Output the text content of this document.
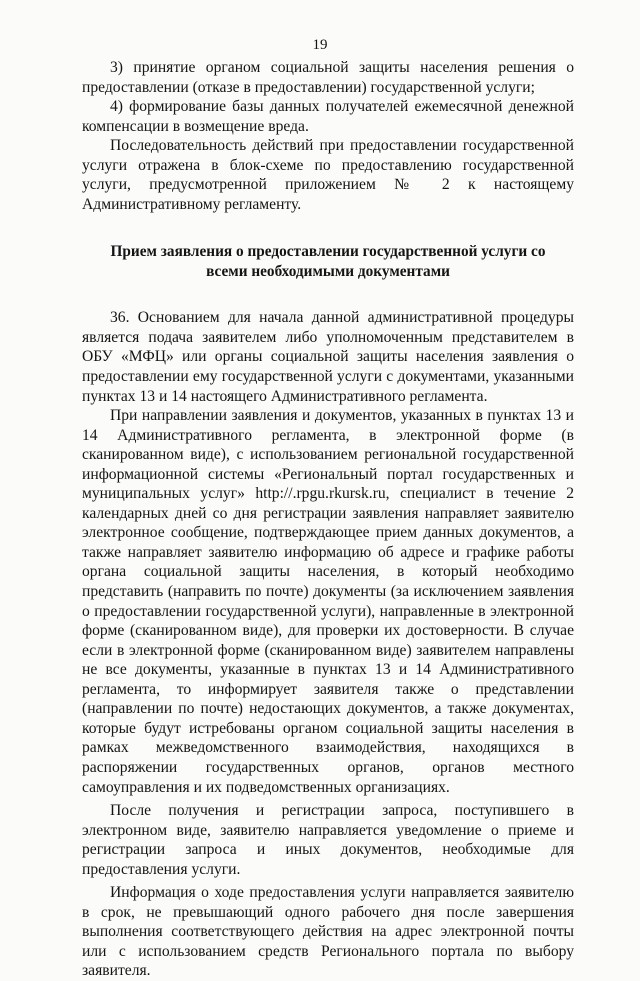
19

3) принятие органом социальной защиты населения решения о предоставлении (отказе в предоставлении) государственной услуги;

4) формирование базы данных получателей ежемесячной денежной компенсации в возмещение вреда.

Последовательность действий при предоставлении государственной услуги отражена в блок-схеме по предоставлению государственной услуги, предусмотренной приложением № 2 к настоящему Административному регламенту.

Прием заявления о предоставлении государственной услуги со всеми необходимыми документами

36. Основанием для начала данной административной процедуры является подача заявителем либо уполномоченным представителем в ОБУ «МФЦ» или органы социальной защиты населения заявления о предоставлении ему государственной услуги с документами, указанными пунктах 13 и 14 настоящего Административного регламента.

При направлении заявления и документов, указанных в пунктах 13 и 14 Административного регламента, в электронной форме (в сканированном виде), с использованием региональной государственной информационной системы «Региональный портал государственных и муниципальных услуг» http://.rpgu.rkursk.ru, специалист в течение 2 календарных дней со дня регистрации заявления направляет заявителю электронное сообщение, подтверждающее прием данных документов, а также направляет заявителю информацию об адресе и графике работы органа социальной защиты населения, в который необходимо представить (направить по почте) документы (за исключением заявления о предоставлении государственной услуги), направленные в электронной форме (сканированном виде), для проверки их достоверности. В случае если в электронной форме (сканированном виде) заявителем направлены не все документы, указанные в пунктах 13 и 14 Административного регламента, то информирует заявителя также о представлении (направлении по почте) недостающих документов, а также документах, которые будут истребованы органом социальной защиты населения в рамках межведомственного взаимодействия, находящихся в распоряжении государственных органов, органов местного самоуправления и их подведомственных организациях.

После получения и регистрации запроса, поступившего в электронном виде, заявителю направляется уведомление о приеме и регистрации запроса и иных документов, необходимые для предоставления услуги.

Информация о ходе предоставления услуги направляется заявителю в срок, не превышающий одного рабочего дня после завершения выполнения соответствующего действия на адрес электронной почты или с использованием средств Регионального портала по выбору заявителя.
